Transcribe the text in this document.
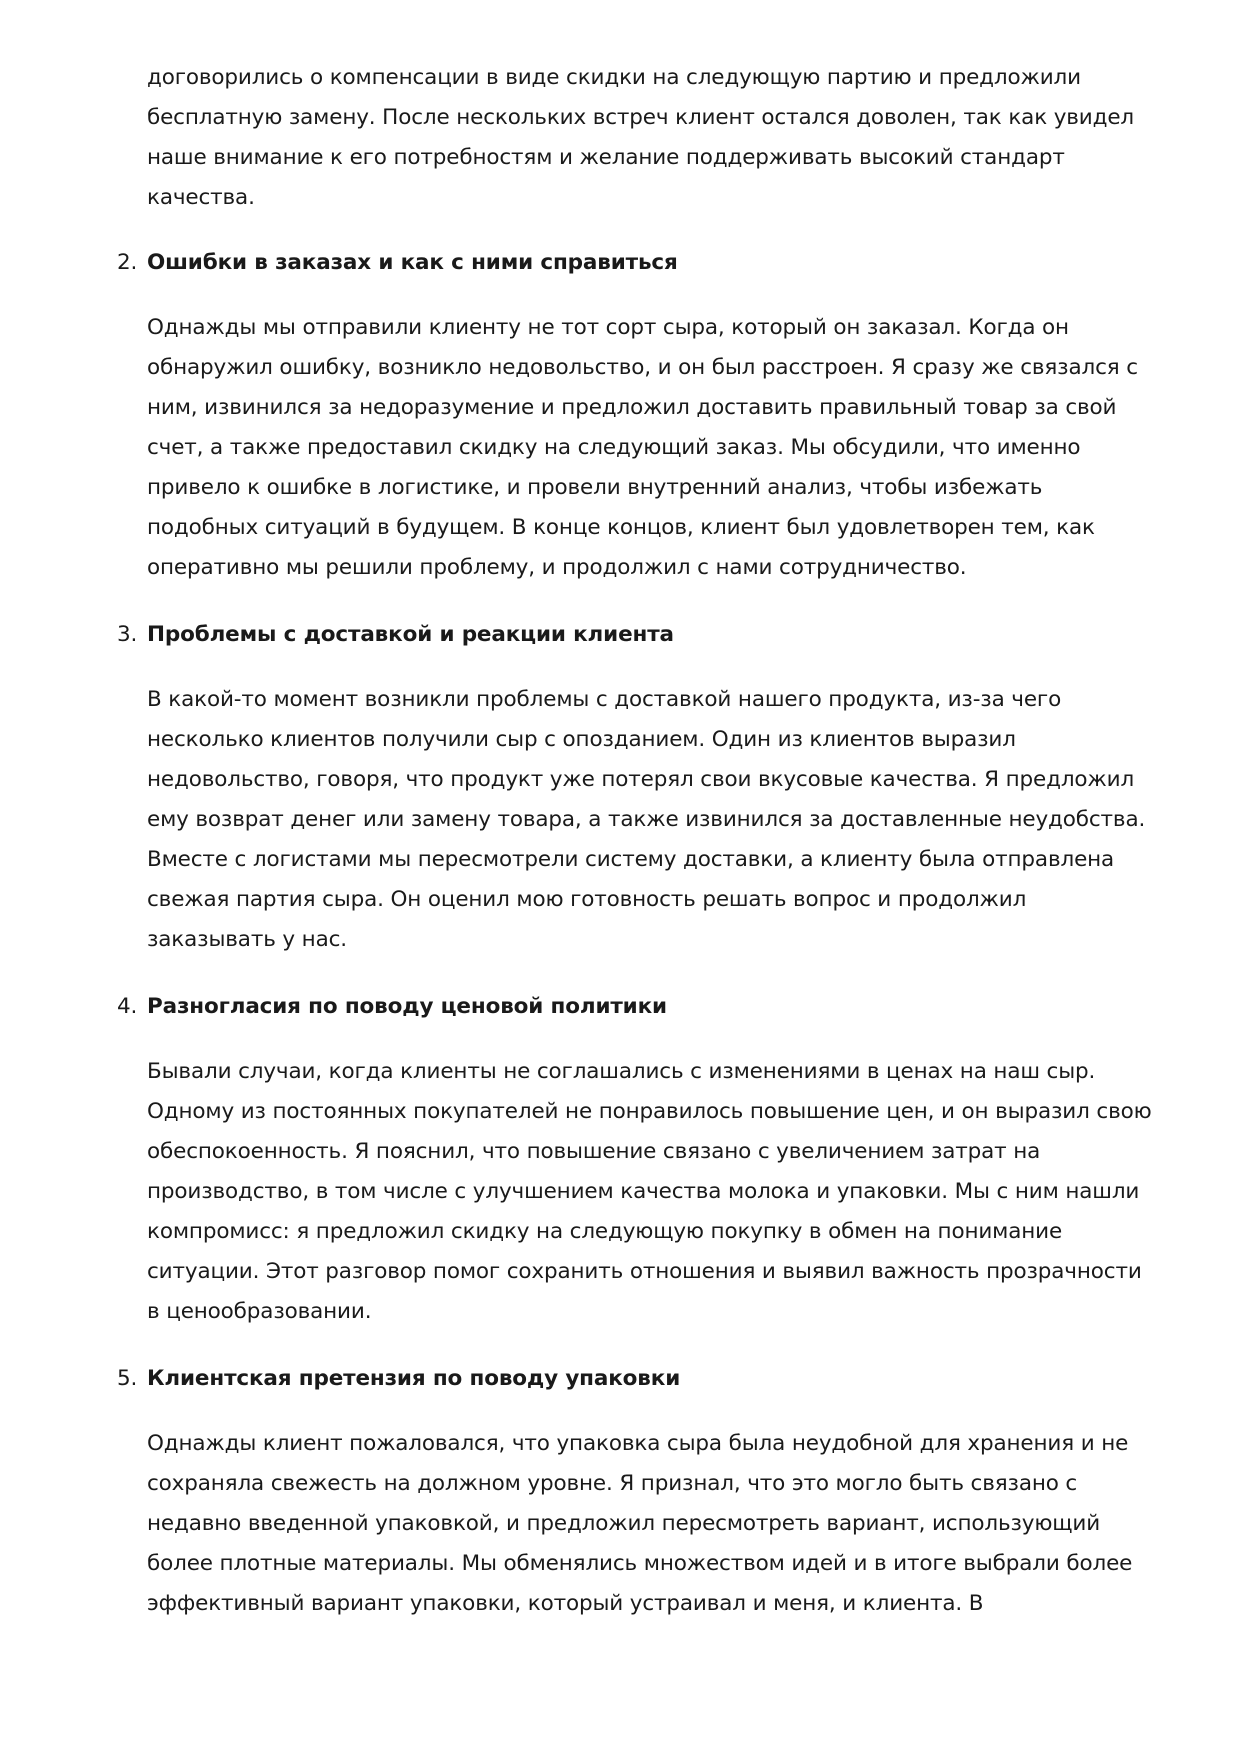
договорились о компенсации в виде скидки на следующую партию и предложили бесплатную замену. После нескольких встреч клиент остался доволен, так как увидел наше внимание к его потребностям и желание поддерживать высокий стандарт качества.

2. Ошибки в заказах и как с ними справиться

Однажды мы отправили клиенту не тот сорт сыра, который он заказал. Когда он обнаружил ошибку, возникло недовольство, и он был расстроен. Я сразу же связался с ним, извинился за недоразумение и предложил доставить правильный товар за свой счет, а также предоставил скидку на следующий заказ. Мы обсудили, что именно привело к ошибке в логистике, и провели внутренний анализ, чтобы избежать подобных ситуаций в будущем. В конце концов, клиент был удовлетворен тем, как оперативно мы решили проблему, и продолжил с нами сотрудничество.

3. Проблемы с доставкой и реакции клиента

В какой-то момент возникли проблемы с доставкой нашего продукта, из-за чего несколько клиентов получили сыр с опозданием. Один из клиентов выразил недовольство, говоря, что продукт уже потерял свои вкусовые качества. Я предложил ему возврат денег или замену товара, а также извинился за доставленные неудобства. Вместе с логистами мы пересмотрели систему доставки, а клиенту была отправлена свежая партия сыра. Он оценил мою готовность решать вопрос и продолжил заказывать у нас.

4. Разногласия по поводу ценовой политики

Бывали случаи, когда клиенты не соглашались с изменениями в ценах на наш сыр. Одному из постоянных покупателей не понравилось повышение цен, и он выразил свою обеспокоенность. Я пояснил, что повышение связано с увеличением затрат на производство, в том числе с улучшением качества молока и упаковки. Мы с ним нашли компромисс: я предложил скидку на следующую покупку в обмен на понимание ситуации. Этот разговор помог сохранить отношения и выявил важность прозрачности в ценообразовании.

5. Клиентская претензия по поводу упаковки

Однажды клиент пожаловался, что упаковка сыра была неудобной для хранения и не сохраняла свежесть на должном уровне. Я признал, что это могло быть связано с недавно введенной упаковкой, и предложил пересмотреть вариант, использующий более плотные материалы. Мы обменялись множеством идей и в итоге выбрали более эффективный вариант упаковки, который устраивал и меня, и клиента. В
